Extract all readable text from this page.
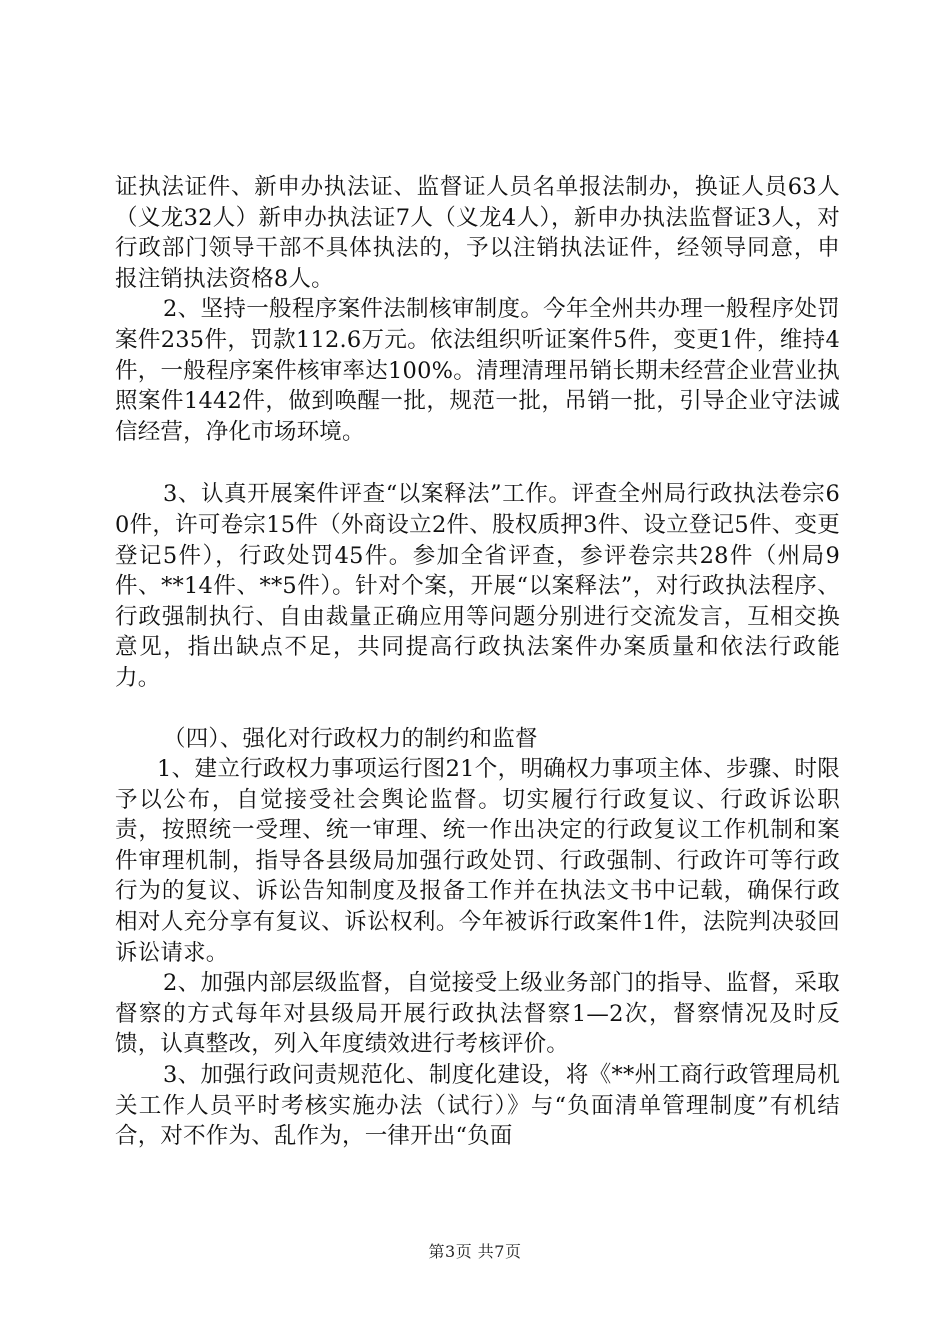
证执法证件、新申办执法证、监督证人员名单报法制办，换证人员63人（义龙32人）新申办执法证7人（义龙4人），新申办执法监督证3人，对行政部门领导干部不具体执法的，予以注销执法证件，经领导同意，申报注销执法资格8人。

2、坚持一般程序案件法制核审制度。今年全州共办理一般程序处罚案件235件，罚款112.6万元。依法组织听证案件5件，变更1件，维持4件，一般程序案件核审率达100%。清理清理吊销长期未经营企业营业执照案件1442件，做到唤醒一批，规范一批，吊销一批，引导企业守法诚信经营，净化市场环境。

3、认真开展案件评查“以案释法”工作。评查全州局行政执法卷宗60件，许可卷宗15件（外商设立2件、股权质押3件、设立登记5件、变更登记5件），行政处罚45件。参加全省评查，参评卷宗共28件（州局9件、**14件、**5件）。针对个案，开展“以案释法”，对行政执法程序、行政强制执行、自由裁量正确应用等问题分别进行交流发言，互相交换意见，指出缺点不足，共同提高行政执法案件办案质量和依法行政能力。

（四）、强化对行政权力的制约和监督

1、建立行政权力事项运行图21个，明确权力事项主体、步骤、时限予以公布，自觉接受社会舆论监督。切实履行行政复议、行政诉讼职责，按照统一受理、统一审理、统一作出决定的行政复议工作机制和案件审理机制，指导各县级局加强行政处罚、行政强制、行政许可等行政行为的复议、诉讼告知制度及报备工作并在执法文书中记载，确保行政相对人充分享有复议、诉讼权利。今年被诉行政案件1件，法院判决驳回诉讼请求。

2、加强内部层级监督，自觉接受上级业务部门的指导、监督，采取督察的方式每年对县级局开展行政执法督察1—2次，督察情况及时反馈，认真整改，列入年度绩效进行考核评价。

3、加强行政问责规范化、制度化建设，将《**州工商行政管理局机关工作人员平时考核实施办法（试行）》与“负面清单管理制度”有机结合，对不作为、乱作为，一律开出“负面

第3页 共7页
